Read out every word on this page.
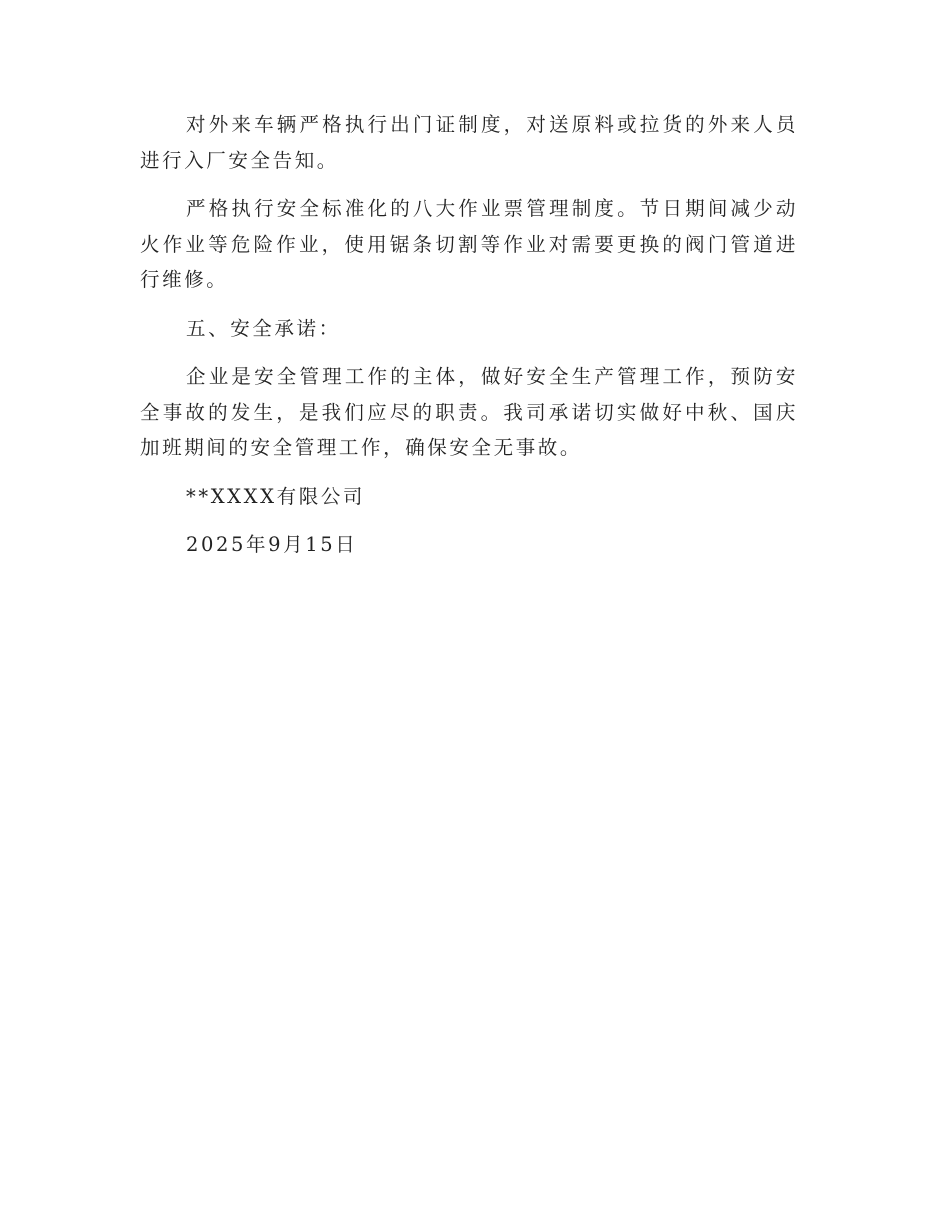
对外来车辆严格执行出门证制度，对送原料或拉货的外来人员进行入厂安全告知。

严格执行安全标准化的八大作业票管理制度。节日期间减少动火作业等危险作业，使用锯条切割等作业对需要更换的阀门管道进行维修。

五、安全承诺：

企业是安全管理工作的主体，做好安全生产管理工作，预防安全事故的发生，是我们应尽的职责。我司承诺切实做好中秋、国庆加班期间的安全管理工作，确保安全无事故。

**XXXX有限公司

2025年9月15日
